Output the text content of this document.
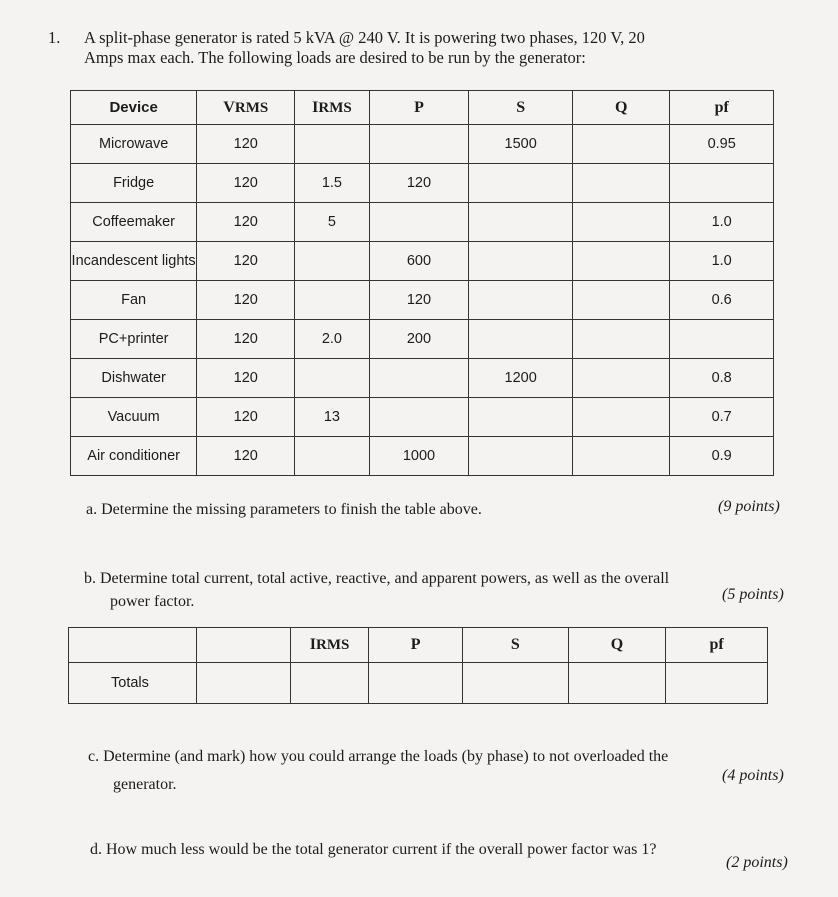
1. A split-phase generator is rated 5 kVA @ 240 V. It is powering two phases, 120 V, 20
Amps max each. The following loads are desired to be run by the generator:
Device	VRMS	IRMS	P	S	Q	pf
Microwave	120			1500		0.95
Fridge	120	1.5	120			
Coffeemaker	120	5				1.0
Incandescent lights	120		600			1.0
Fan	120		120			0.6
PC+printer	120	2.0	200			
Dishwater	120			1200		0.8
Vacuum	120	13				0.7
Air conditioner	120		1000			0.9
a. Determine the missing parameters to finish the table above.	(9 points)
b. Determine total current, total active, reactive, and apparent powers, as well as the overall
power factor.	(5 points)
		IRMS	P	S	Q	pf
Totals						
c. Determine (and mark) how you could arrange the loads (by phase) to not overloaded the
generator.
(4 points)
d. How much less would be the total generator current if the overall power factor was 1?
(2 points)
